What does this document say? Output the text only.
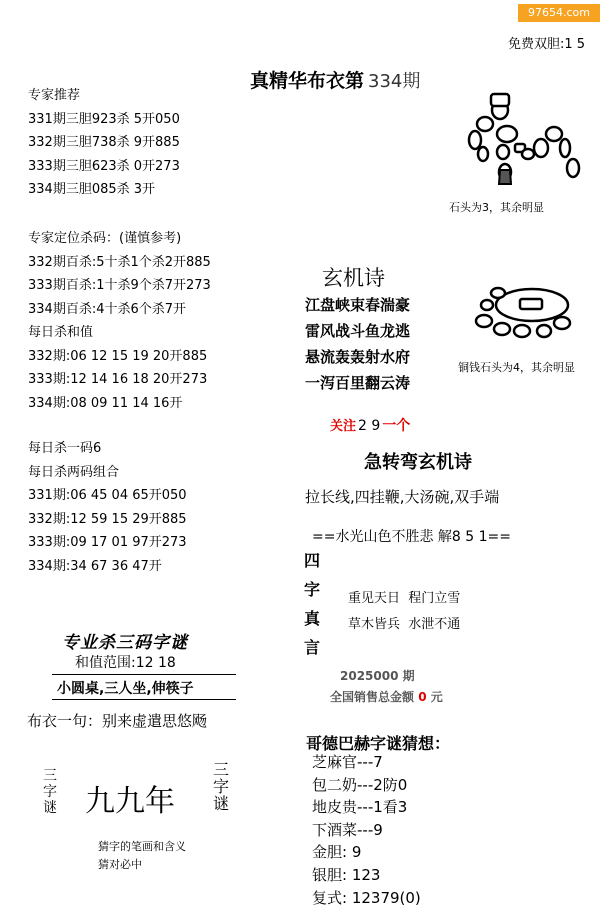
97654.com
免费双胆:1 5
真精华布衣第 334期
专家推荐
331期三胆923杀 5开050
332期三胆738杀 9开885
333期三胆623杀 0开273
334期三胆085杀 3开
专家定位杀码：(谨慎参考)
332期百杀:5十杀1个杀2开885
333期百杀:1十杀9个杀7开273
334期百杀:4十杀6个杀7开
每日杀和值
332期:06 12 15 19 20开885
333期:12 14 16 18 20开273
334期:08 09 11 14 16开
每日杀一码6
每日杀两码组合
331期:06 45 04 65开050
332期:12 59 15 29开885
333期:09 17 01 97开273
334期:34 67 36 47开
石头为3，其余明显
铜钱石头为4，其余明显
玄机诗
江盘峡束春湍豪
雷风战斗鱼龙逃
悬流轰轰射水府
一泻百里翻云涛
关注 2 9 一个
急转弯玄机诗
拉长线,四挂鞭,大汤碗,双手端
==水光山色不胜悲 解8 5 1==
四
字
真
言
重见天日  程门立雪
草木皆兵  水泄不通
2025000 期
全国销售总金额 0 元
专业杀三码字谜
和值范围:12 18
小圆桌,三人坐,伸筷子
布衣一句：别来虚遣思悠飏
三字谜 九九年
三字谜
猜字的笔画和含义
猜对必中
哥德巴赫字谜猜想：
芝麻官---7
包二奶---2防0
地皮贵---1看3
下酒菜---9
金胆: 9
银胆: 123
复式: 12379(0)
